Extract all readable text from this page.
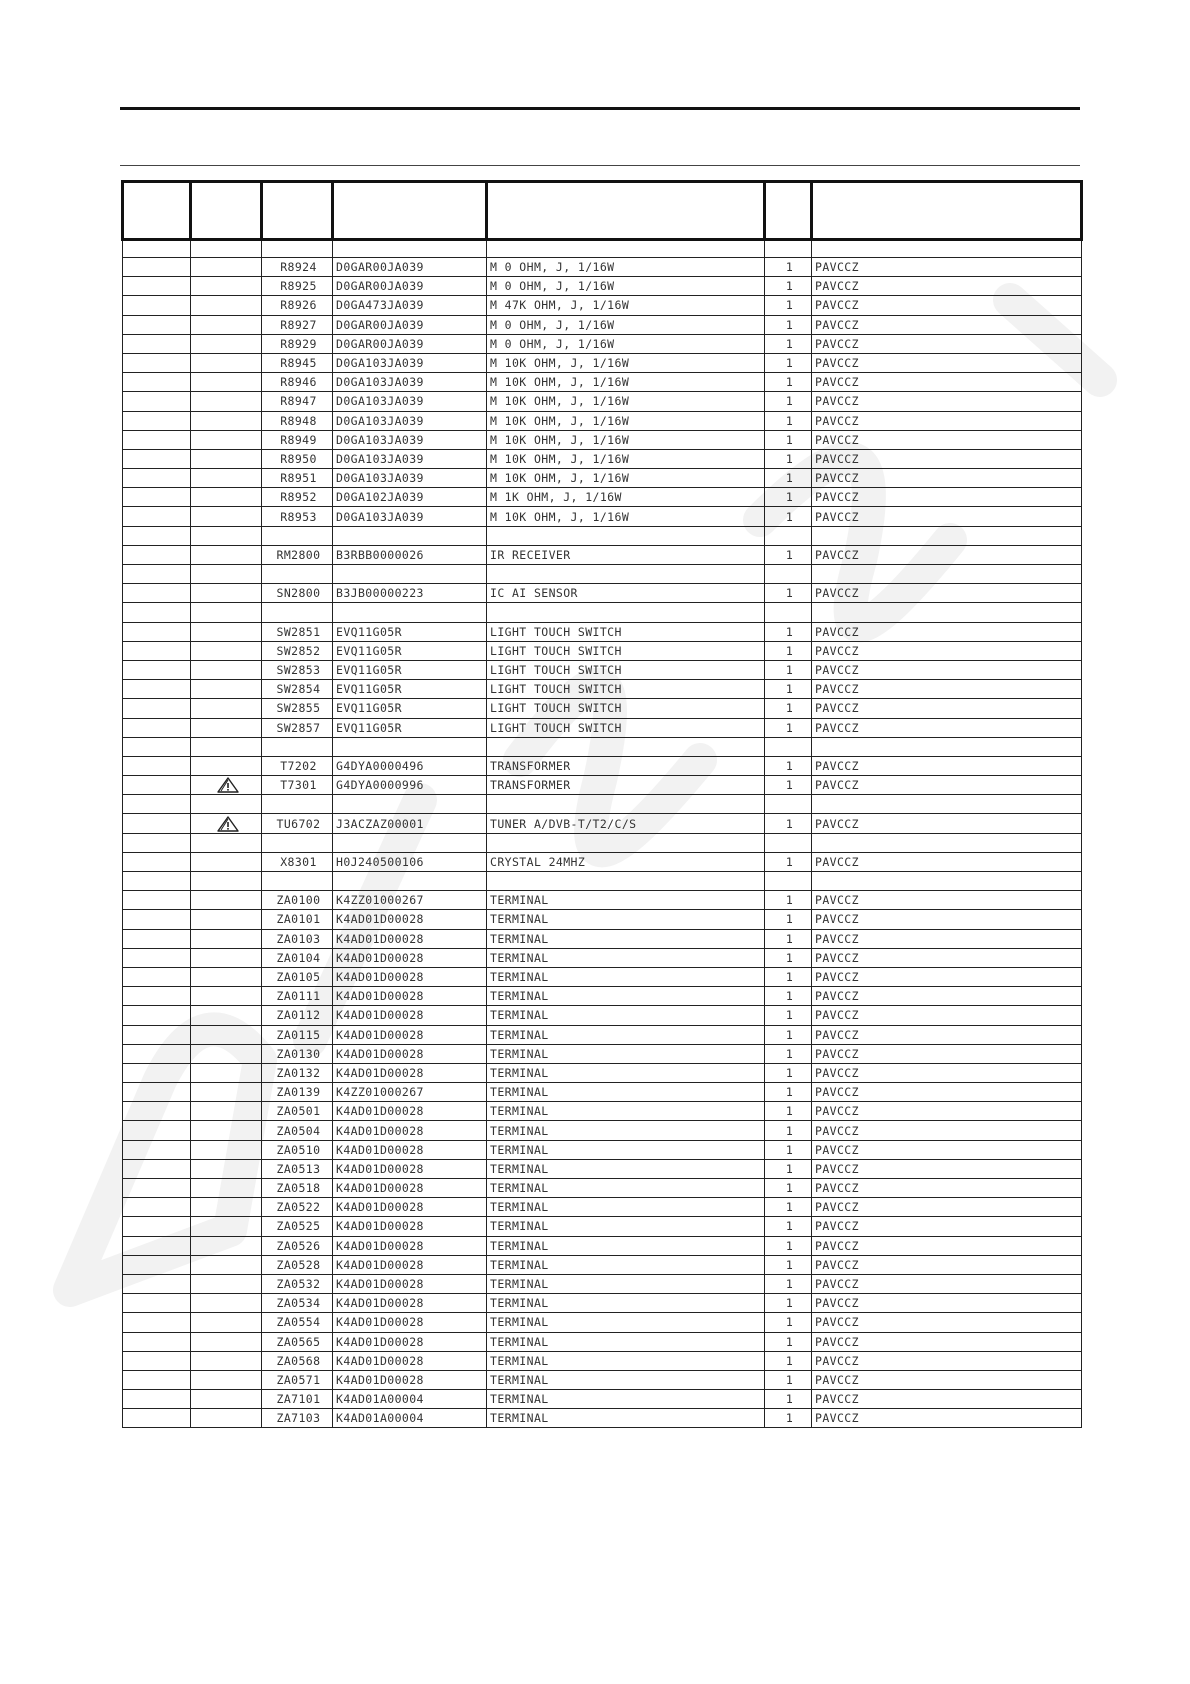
		R8924	D0GAR00JA039	M 0 OHM, J, 1/16W	1	PAVCCZ
		R8925	D0GAR00JA039	M 0 OHM, J, 1/16W	1	PAVCCZ
		R8926	D0GA473JA039	M 47K OHM, J, 1/16W	1	PAVCCZ
		R8927	D0GAR00JA039	M 0 OHM, J, 1/16W	1	PAVCCZ
		R8929	D0GAR00JA039	M 0 OHM, J, 1/16W	1	PAVCCZ
		R8945	D0GA103JA039	M 10K OHM, J, 1/16W	1	PAVCCZ
		R8946	D0GA103JA039	M 10K OHM, J, 1/16W	1	PAVCCZ
		R8947	D0GA103JA039	M 10K OHM, J, 1/16W	1	PAVCCZ
		R8948	D0GA103JA039	M 10K OHM, J, 1/16W	1	PAVCCZ
		R8949	D0GA103JA039	M 10K OHM, J, 1/16W	1	PAVCCZ
		R8950	D0GA103JA039	M 10K OHM, J, 1/16W	1	PAVCCZ
		R8951	D0GA103JA039	M 10K OHM, J, 1/16W	1	PAVCCZ
		R8952	D0GA102JA039	M 1K OHM, J, 1/16W	1	PAVCCZ
		R8953	D0GA103JA039	M 10K OHM, J, 1/16W	1	PAVCCZ

		RM2800	B3RBB0000026	IR RECEIVER	1	PAVCCZ

		SN2800	B3JB00000223	IC AI SENSOR	1	PAVCCZ

		SW2851	EVQ11G05R	LIGHT TOUCH SWITCH	1	PAVCCZ
		SW2852	EVQ11G05R	LIGHT TOUCH SWITCH	1	PAVCCZ
		SW2853	EVQ11G05R	LIGHT TOUCH SWITCH	1	PAVCCZ
		SW2854	EVQ11G05R	LIGHT TOUCH SWITCH	1	PAVCCZ
		SW2855	EVQ11G05R	LIGHT TOUCH SWITCH	1	PAVCCZ
		SW2857	EVQ11G05R	LIGHT TOUCH SWITCH	1	PAVCCZ

		T7202	G4DYA0000496	TRANSFORMER	1	PAVCCZ
		T7301	G4DYA0000996	TRANSFORMER	1	PAVCCZ

		TU6702	J3ACZAZ00001	TUNER A/DVB-T/T2/C/S	1	PAVCCZ

		X8301	H0J240500106	CRYSTAL 24MHZ	1	PAVCCZ

		ZA0100	K4ZZ01000267	TERMINAL	1	PAVCCZ
		ZA0101	K4AD01D00028	TERMINAL	1	PAVCCZ
		ZA0103	K4AD01D00028	TERMINAL	1	PAVCCZ
		ZA0104	K4AD01D00028	TERMINAL	1	PAVCCZ
		ZA0105	K4AD01D00028	TERMINAL	1	PAVCCZ
		ZA0111	K4AD01D00028	TERMINAL	1	PAVCCZ
		ZA0112	K4AD01D00028	TERMINAL	1	PAVCCZ
		ZA0115	K4AD01D00028	TERMINAL	1	PAVCCZ
		ZA0130	K4AD01D00028	TERMINAL	1	PAVCCZ
		ZA0132	K4AD01D00028	TERMINAL	1	PAVCCZ
		ZA0139	K4ZZ01000267	TERMINAL	1	PAVCCZ
		ZA0501	K4AD01D00028	TERMINAL	1	PAVCCZ
		ZA0504	K4AD01D00028	TERMINAL	1	PAVCCZ
		ZA0510	K4AD01D00028	TERMINAL	1	PAVCCZ
		ZA0513	K4AD01D00028	TERMINAL	1	PAVCCZ
		ZA0518	K4AD01D00028	TERMINAL	1	PAVCCZ
		ZA0522	K4AD01D00028	TERMINAL	1	PAVCCZ
		ZA0525	K4AD01D00028	TERMINAL	1	PAVCCZ
		ZA0526	K4AD01D00028	TERMINAL	1	PAVCCZ
		ZA0528	K4AD01D00028	TERMINAL	1	PAVCCZ
		ZA0532	K4AD01D00028	TERMINAL	1	PAVCCZ
		ZA0534	K4AD01D00028	TERMINAL	1	PAVCCZ
		ZA0554	K4AD01D00028	TERMINAL	1	PAVCCZ
		ZA0565	K4AD01D00028	TERMINAL	1	PAVCCZ
		ZA0568	K4AD01D00028	TERMINAL	1	PAVCCZ
		ZA0571	K4AD01D00028	TERMINAL	1	PAVCCZ
		ZA7101	K4AD01A00004	TERMINAL	1	PAVCCZ
		ZA7103	K4AD01A00004	TERMINAL	1	PAVCCZ
